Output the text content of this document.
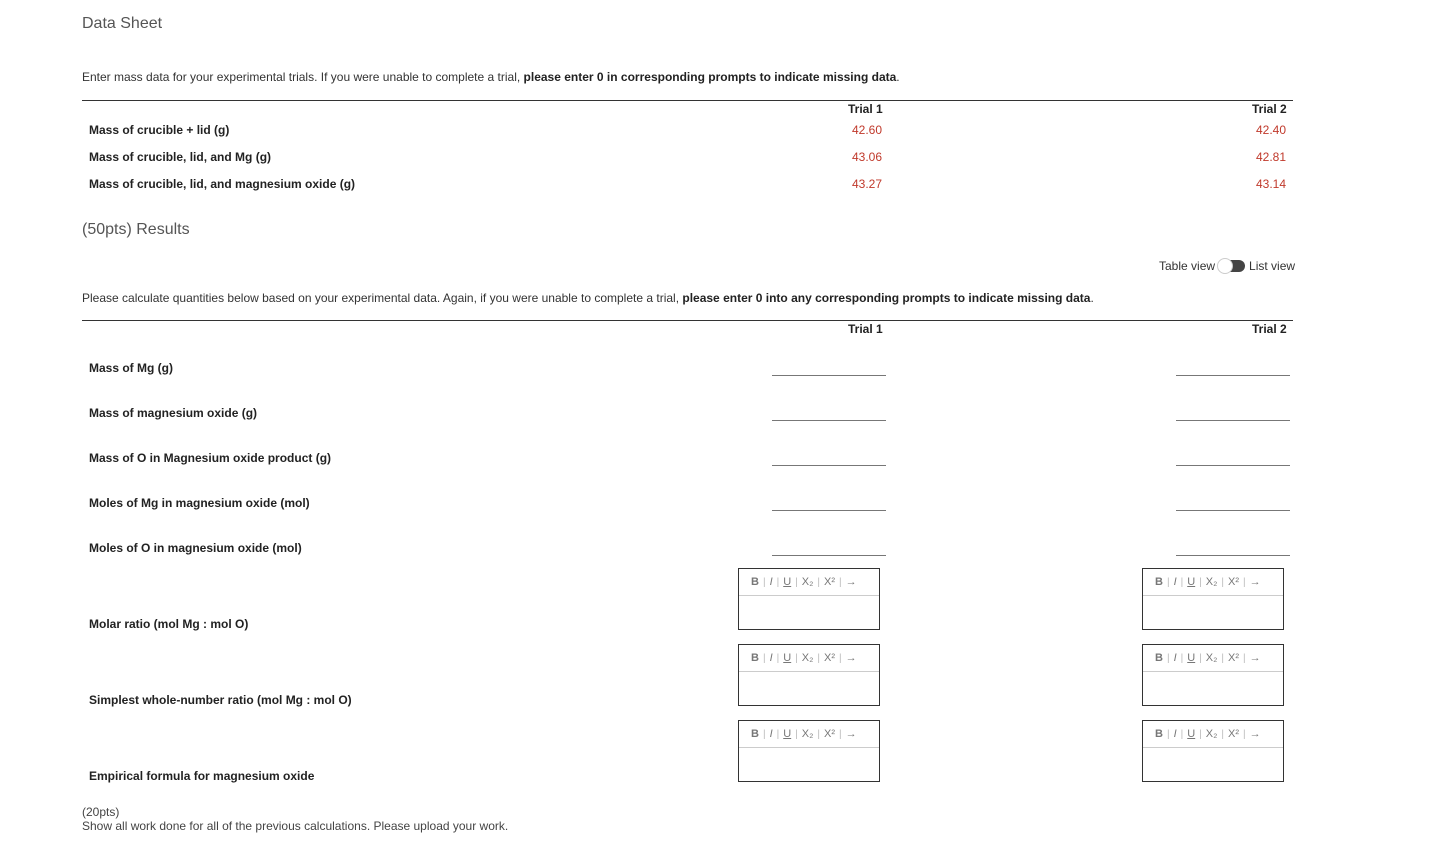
Data Sheet
Enter mass data for your experimental trials. If you were unable to complete a trial, please enter 0 in corresponding prompts to indicate missing data.
Trial 1	Trial 2
Mass of crucible + lid (g)	42.60	42.40
Mass of crucible, lid, and Mg (g)	43.06	42.81
Mass of crucible, lid, and magnesium oxide (g)	43.27	43.14
(50pts) Results
Table view	List view
Please calculate quantities below based on your experimental data. Again, if you were unable to complete a trial, please enter 0 into any corresponding prompts to indicate missing data.
Trial 1	Trial 2
Mass of Mg (g)
Mass of magnesium oxide (g)
Mass of O in Magnesium oxide product (g)
Moles of Mg in magnesium oxide (mol)
Moles of O in magnesium oxide (mol)
Molar ratio (mol Mg : mol O)
B | I | U | X₂ | X² | →	B | I | U | X₂ | X² | →
Simplest whole-number ratio (mol Mg : mol O)
B | I | U | X₂ | X² | →	B | I | U | X₂ | X² | →
Empirical formula for magnesium oxide
B | I | U | X₂ | X² | →	B | I | U | X₂ | X² | →
(20pts)
Show all work done for all of the previous calculations. Please upload your work.
